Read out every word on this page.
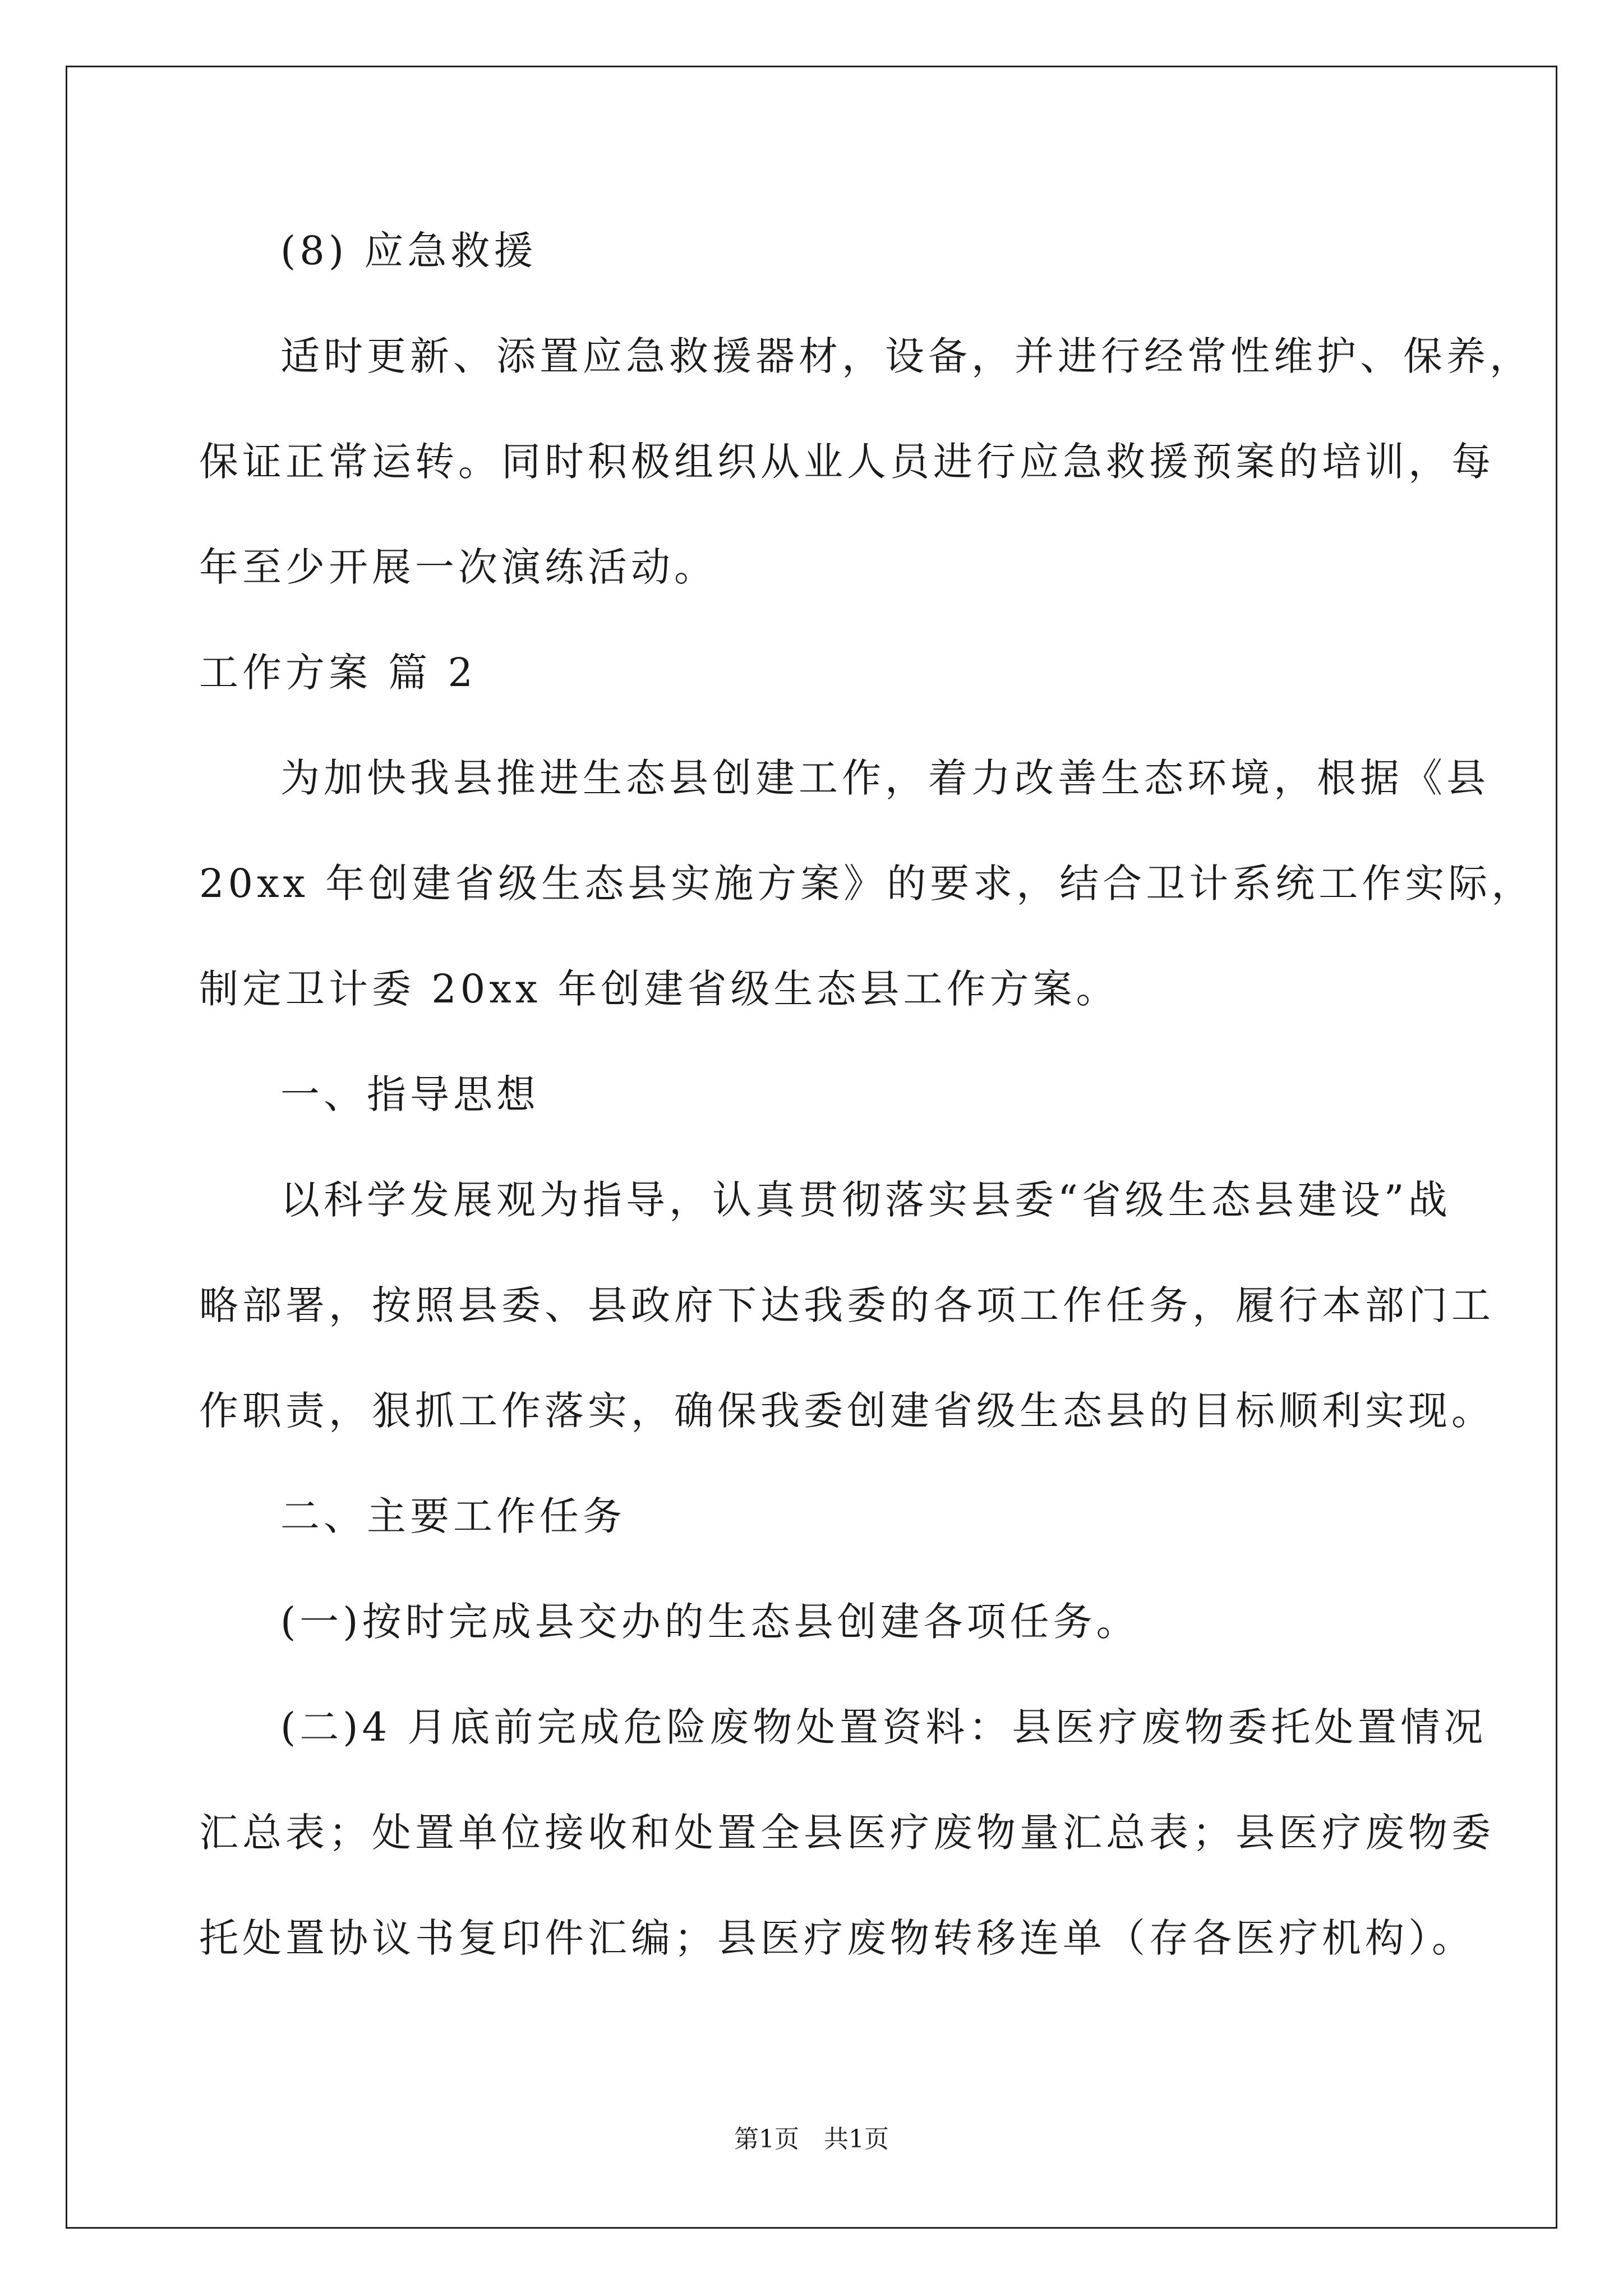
(8) 应急救援
适时更新、添置应急救援器材，设备，并进行经常性维护、保养，
保证正常运转。同时积极组织从业人员进行应急救援预案的培训，每
年至少开展一次演练活动。
工作方案 篇 2
为加快我县推进生态县创建工作，着力改善生态环境，根据《县
20xx 年创建省级生态县实施方案》的要求，结合卫计系统工作实际，
制定卫计委 20xx 年创建省级生态县工作方案。
一、指导思想
以科学发展观为指导，认真贯彻落实县委“省级生态县建设”战
略部署，按照县委、县政府下达我委的各项工作任务，履行本部门工
作职责，狠抓工作落实，确保我委创建省级生态县的目标顺利实现。
二、主要工作任务
(一)按时完成县交办的生态县创建各项任务。
(二)4 月底前完成危险废物处置资料：县医疗废物委托处置情况
汇总表；处置单位接收和处置全县医疗废物量汇总表；县医疗废物委
托处置协议书复印件汇编；县医疗废物转移连单（存各医疗机构）。
第1页　共1页
